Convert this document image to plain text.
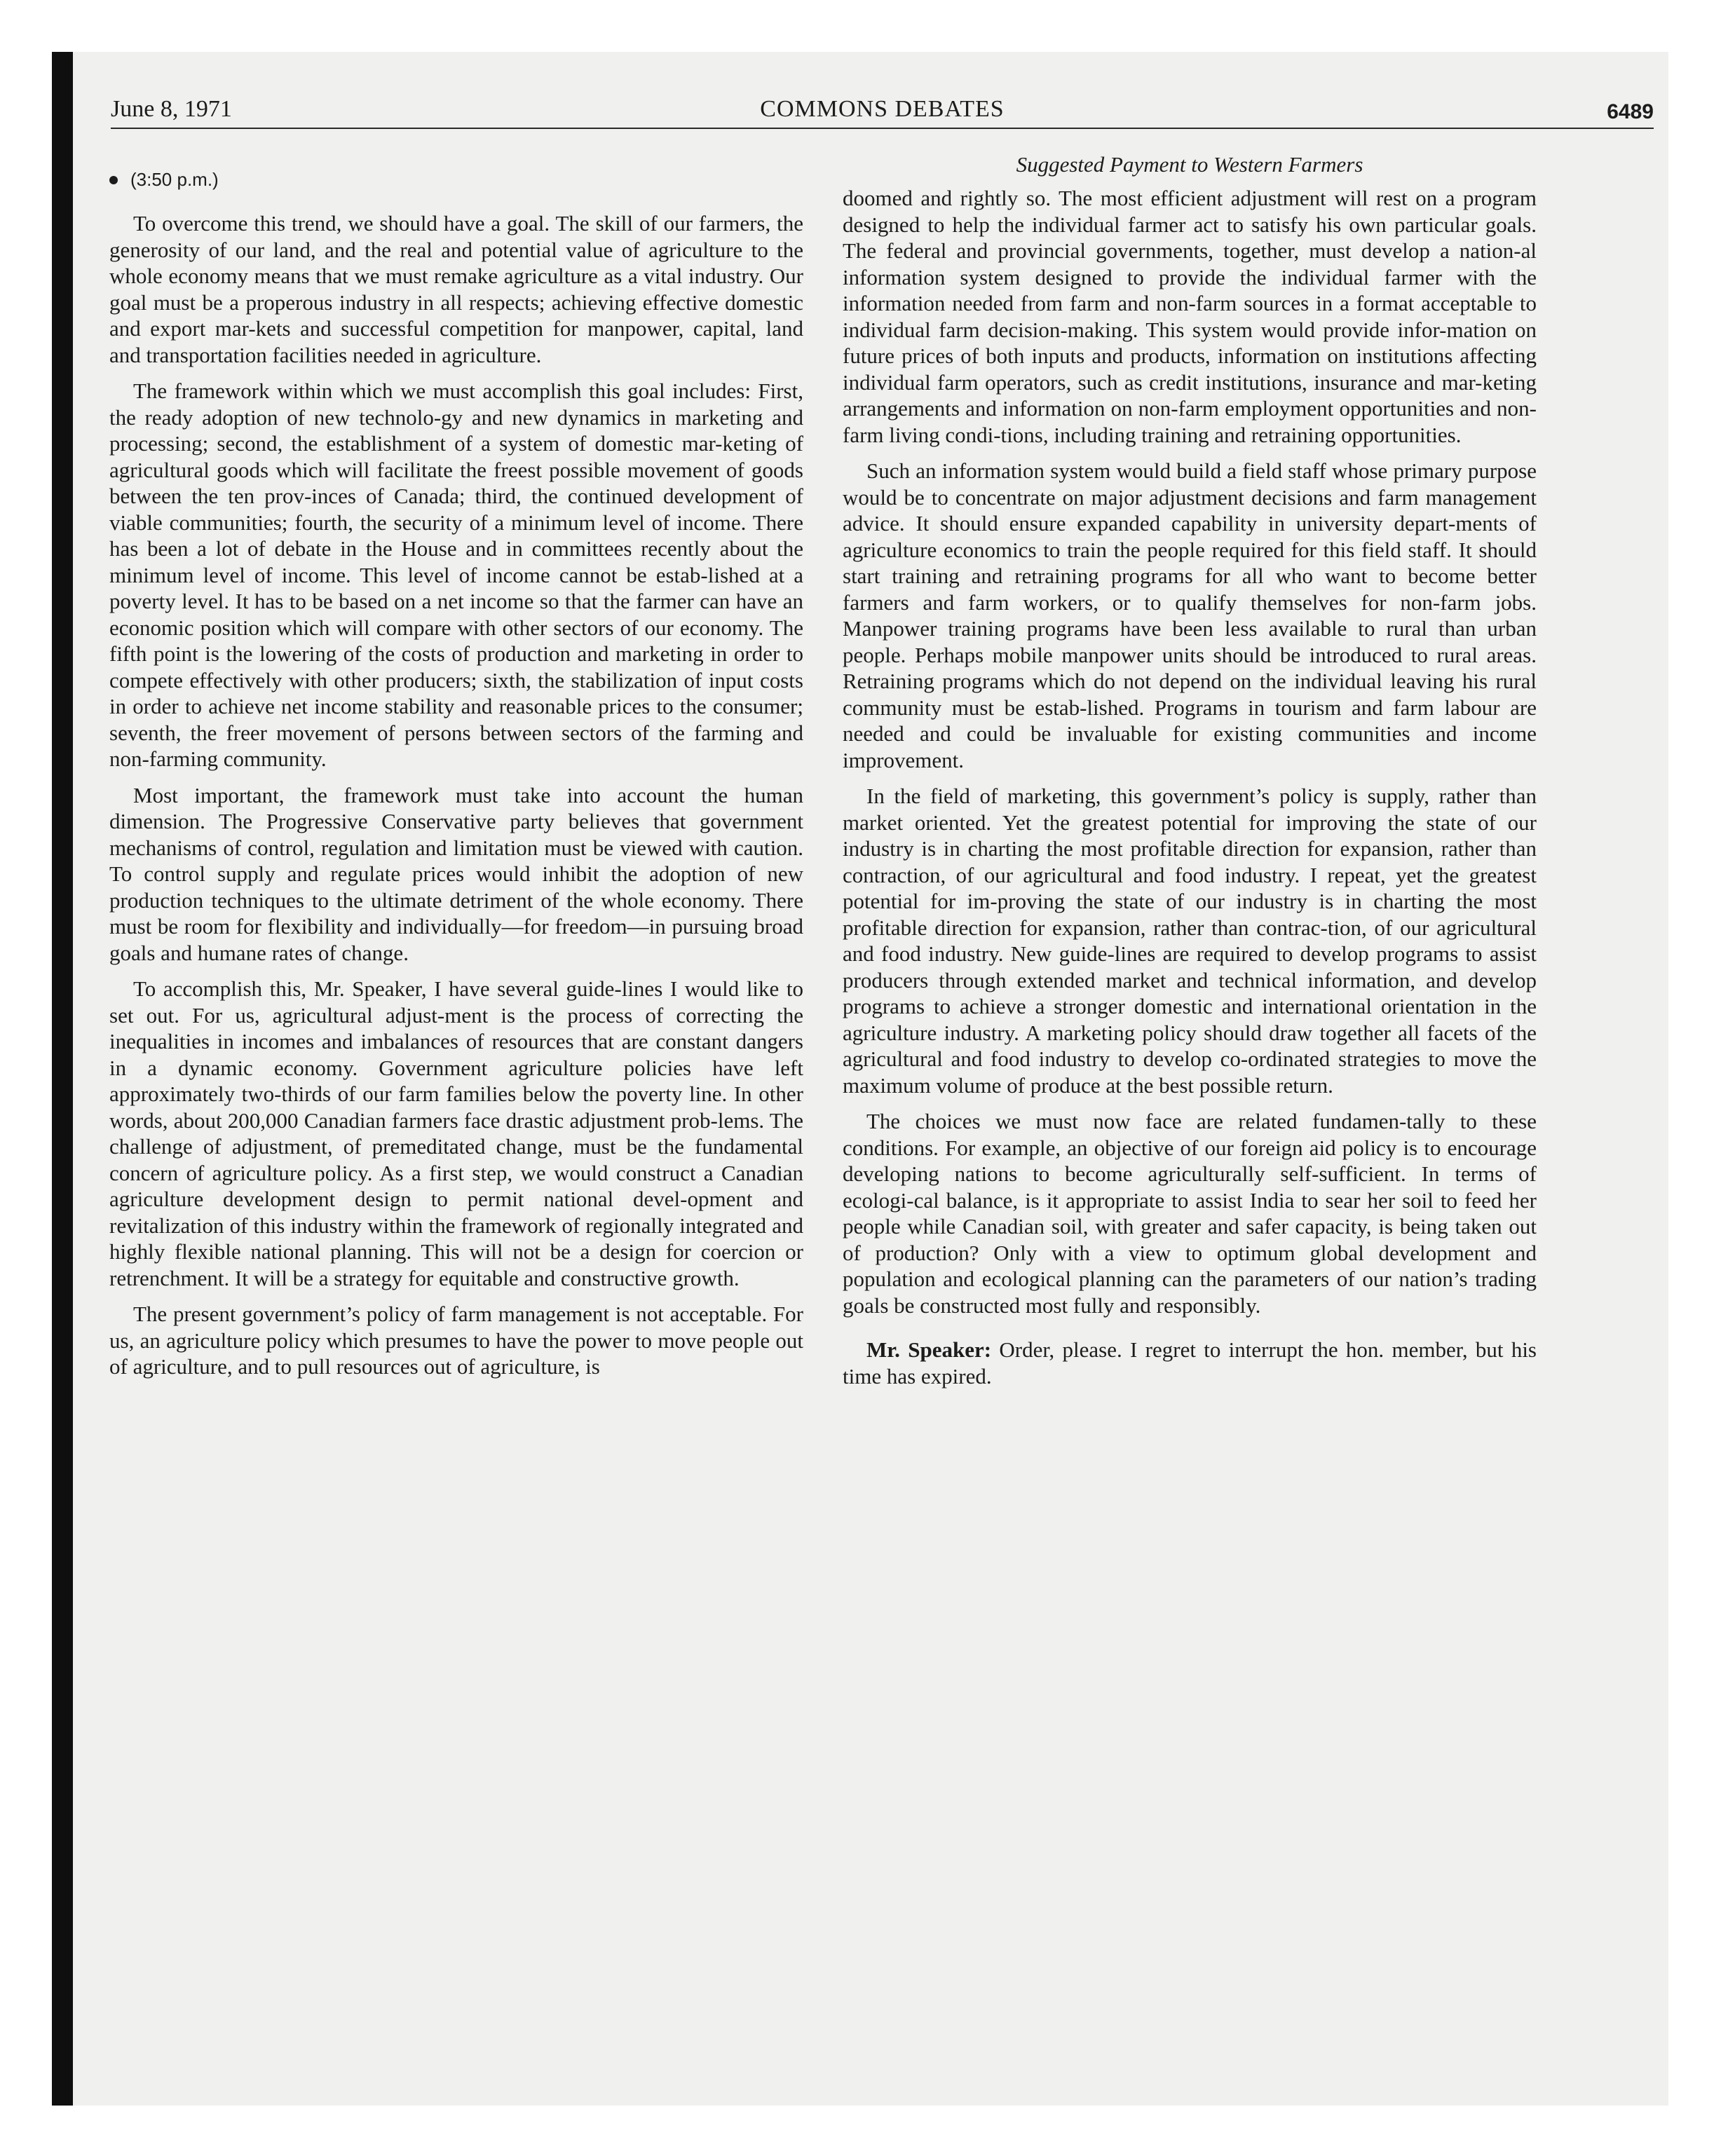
June 8, 1971	COMMONS DEBATES	6489
(3:50 p.m.)

To overcome this trend, we should have a goal. The skill of our farmers, the generosity of our land, and the real and potential value of agriculture to the whole economy means that we must remake agriculture as a vital industry. Our goal must be a properous industry in all respects; achieving effective domestic and export mar-kets and successful competition for manpower, capital, land and transportation facilities needed in agriculture.

The framework within which we must accomplish this goal includes: First, the ready adoption of new technolo-gy and new dynamics in marketing and processing; second, the establishment of a system of domestic mar-keting of agricultural goods which will facilitate the freest possible movement of goods between the ten prov-inces of Canada; third, the continued development of viable communities; fourth, the security of a minimum level of income. There has been a lot of debate in the House and in committees recently about the minimum level of income. This level of income cannot be estab-lished at a poverty level. It has to be based on a net income so that the farmer can have an economic position which will compare with other sectors of our economy. The fifth point is the lowering of the costs of production and marketing in order to compete effectively with other producers; sixth, the stabilization of input costs in order to achieve net income stability and reasonable prices to the consumer; seventh, the freer movement of persons between sectors of the farming and non-farming community.

Most important, the framework must take into account the human dimension. The Progressive Conservative party believes that government mechanisms of control, regulation and limitation must be viewed with caution. To control supply and regulate prices would inhibit the adoption of new production techniques to the ultimate detriment of the whole economy. There must be room for flexibility and individually—for freedom—in pursuing broad goals and humane rates of change.

To accomplish this, Mr. Speaker, I have several guide-lines I would like to set out. For us, agricultural adjust-ment is the process of correcting the inequalities in incomes and imbalances of resources that are constant dangers in a dynamic economy. Government agriculture policies have left approximately two-thirds of our farm families below the poverty line. In other words, about 200,000 Canadian farmers face drastic adjustment prob-lems. The challenge of adjustment, of premeditated change, must be the fundamental concern of agriculture policy. As a first step, we would construct a Canadian agriculture development design to permit national devel-opment and revitalization of this industry within the framework of regionally integrated and highly flexible national planning. This will not be a design for coercion or retrenchment. It will be a strategy for equitable and constructive growth.

The present government’s policy of farm management is not acceptable. For us, an agriculture policy which presumes to have the power to move people out of agriculture, and to pull resources out of agriculture, is

Suggested Payment to Western Farmers

doomed and rightly so. The most efficient adjustment will rest on a program designed to help the individual farmer act to satisfy his own particular goals. The federal and provincial governments, together, must develop a nation-al information system designed to provide the individual farmer with the information needed from farm and non-farm sources in a format acceptable to individual farm decision-making. This system would provide infor-mation on future prices of both inputs and products, information on institutions affecting individual farm operators, such as credit institutions, insurance and mar-keting arrangements and information on non-farm employment opportunities and non-farm living condi-tions, including training and retraining opportunities.

Such an information system would build a field staff whose primary purpose would be to concentrate on major adjustment decisions and farm management advice. It should ensure expanded capability in university depart-ments of agriculture economics to train the people required for this field staff. It should start training and retraining programs for all who want to become better farmers and farm workers, or to qualify themselves for non-farm jobs. Manpower training programs have been less available to rural than urban people. Perhaps mobile manpower units should be introduced to rural areas. Retraining programs which do not depend on the individual leaving his rural community must be estab-lished. Programs in tourism and farm labour are needed and could be invaluable for existing communities and income improvement.

In the field of marketing, this government’s policy is supply, rather than market oriented. Yet the greatest potential for improving the state of our industry is in charting the most profitable direction for expansion, rather than contraction, of our agricultural and food industry. I repeat, yet the greatest potential for im-proving the state of our industry is in charting the most profitable direction for expansion, rather than contrac-tion, of our agricultural and food industry. New guide-lines are required to develop programs to assist producers through extended market and technical information, and develop programs to achieve a stronger domestic and international orientation in the agriculture industry. A marketing policy should draw together all facets of the agricultural and food industry to develop co-ordinated strategies to move the maximum volume of produce at the best possible return.

The choices we must now face are related fundamen-tally to these conditions. For example, an objective of our foreign aid policy is to encourage developing nations to become agriculturally self-sufficient. In terms of ecologi-cal balance, is it appropriate to assist India to sear her soil to feed her people while Canadian soil, with greater and safer capacity, is being taken out of production? Only with a view to optimum global development and population and ecological planning can the parameters of our nation’s trading goals be constructed most fully and responsibly.

Mr. Speaker: Order, please. I regret to interrupt the hon. member, but his time has expired.
